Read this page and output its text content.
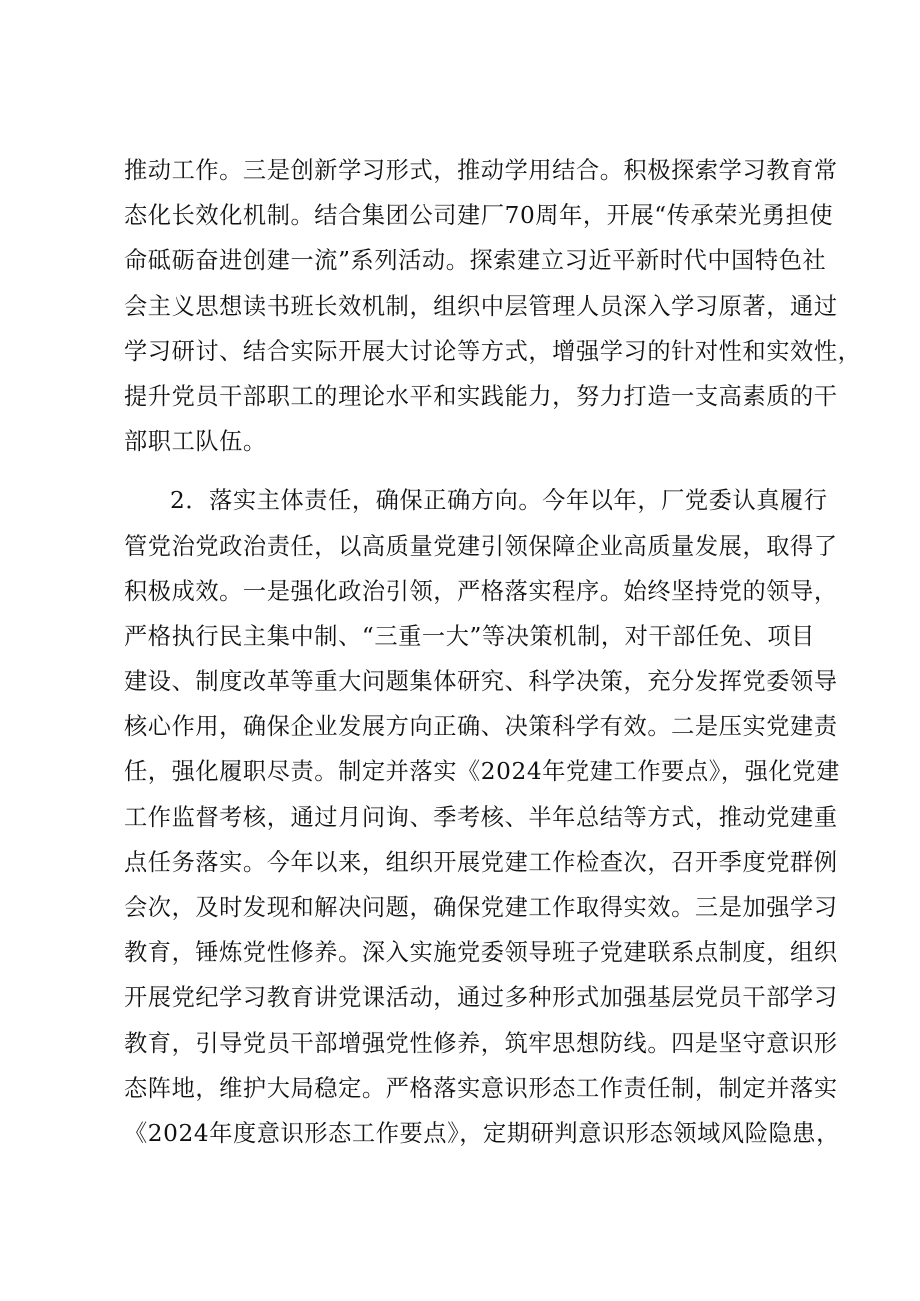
推动工作。三是创新学习形式，推动学用结合。积极探索学习教育常
态化长效化机制。结合集团公司建厂70周年，开展“传承荣光勇担使
命砥砺奋进创建一流”系列活动。探索建立习近平新时代中国特色社
会主义思想读书班长效机制，组织中层管理人员深入学习原著，通过
学习研讨、结合实际开展大讨论等方式，增强学习的针对性和实效性，
提升党员干部职工的理论水平和实践能力，努力打造一支高素质的干
部职工队伍。
2．落实主体责任，确保正确方向。今年以年，厂党委认真履行
管党治党政治责任，以高质量党建引领保障企业高质量发展，取得了
积极成效。一是强化政治引领，严格落实程序。始终坚持党的领导，
严格执行民主集中制、“三重一大”等决策机制，对干部任免、项目
建设、制度改革等重大问题集体研究、科学决策，充分发挥党委领导
核心作用，确保企业发展方向正确、决策科学有效。二是压实党建责
任，强化履职尽责。制定并落实《2024年党建工作要点》，强化党建
工作监督考核，通过月问询、季考核、半年总结等方式，推动党建重
点任务落实。今年以来，组织开展党建工作检查次，召开季度党群例
会次，及时发现和解决问题，确保党建工作取得实效。三是加强学习
教育，锤炼党性修养。深入实施党委领导班子党建联系点制度，组织
开展党纪学习教育讲党课活动，通过多种形式加强基层党员干部学习
教育，引导党员干部增强党性修养，筑牢思想防线。四是坚守意识形
态阵地，维护大局稳定。严格落实意识形态工作责任制，制定并落实
《2024年度意识形态工作要点》，定期研判意识形态领域风险隐患，
